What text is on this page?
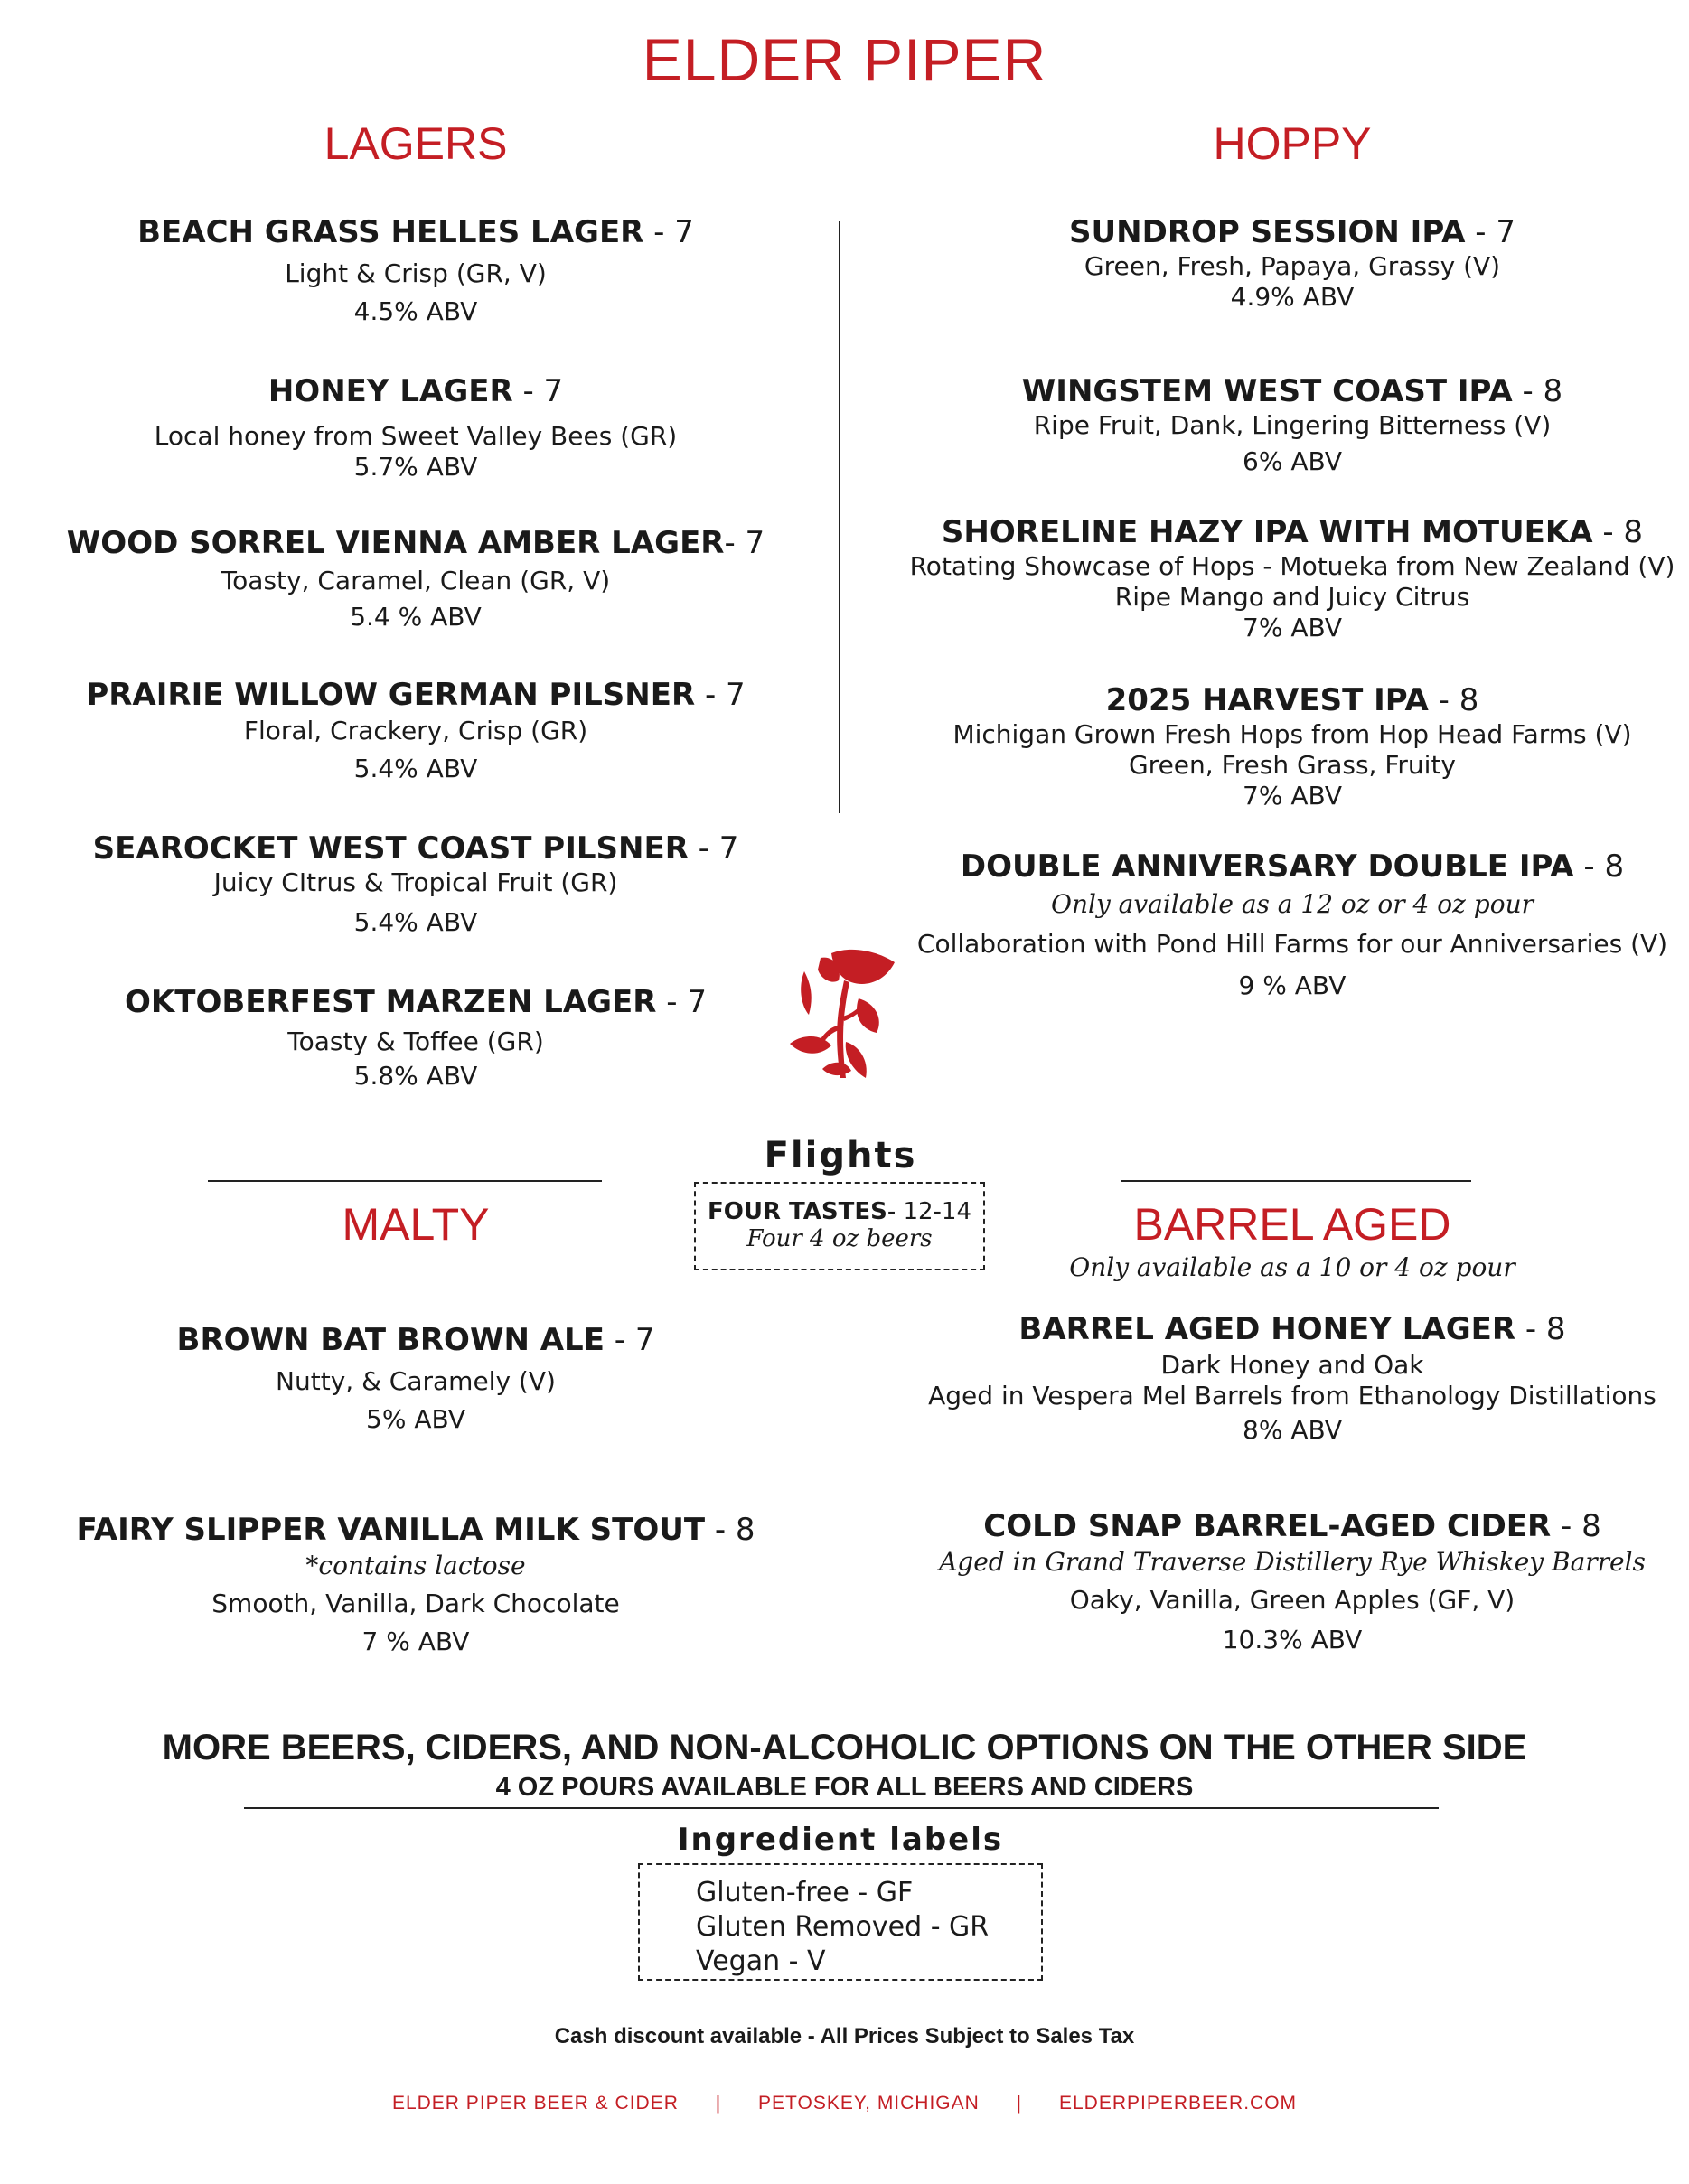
ELDER PIPER
LAGERS	HOPPY
BEACH GRASS HELLES LAGER - 7
Light & Crisp (GR, V)
4.5% ABV
HONEY LAGER - 7
Local honey from Sweet Valley Bees (GR)
5.7% ABV
WOOD SORREL VIENNA AMBER LAGER- 7
Toasty, Caramel, Clean (GR, V)
5.4 % ABV
PRAIRIE WILLOW GERMAN PILSNER - 7
Floral, Crackery, Crisp (GR)
5.4% ABV
SEAROCKET WEST COAST PILSNER - 7
Juicy CItrus & Tropical Fruit (GR)
5.4% ABV
OKTOBERFEST MARZEN LAGER - 7
Toasty & Toffee (GR)
5.8% ABV
SUNDROP SESSION IPA - 7
Green, Fresh, Papaya, Grassy (V)
4.9% ABV
WINGSTEM WEST COAST IPA - 8
Ripe Fruit, Dank, Lingering Bitterness (V)
6% ABV
SHORELINE HAZY IPA WITH MOTUEKA - 8
Rotating Showcase of Hops - Motueka from New Zealand (V)
Ripe Mango and Juicy Citrus
7% ABV
2025 HARVEST IPA - 8
Michigan Grown Fresh Hops from Hop Head Farms (V)
Green, Fresh Grass, Fruity
7% ABV
DOUBLE ANNIVERSARY DOUBLE IPA - 8
Only available as a 12 oz or 4 oz pour
Collaboration with Pond Hill Farms for our Anniversaries (V)
9 % ABV
Flights
FOUR TASTES- 12-14
Four 4 oz beers
MALTY	BARREL AGED
Only available as a 10 or 4 oz pour
BROWN BAT BROWN ALE - 7
Nutty, & Caramely (V)
5% ABV
FAIRY SLIPPER VANILLA MILK STOUT - 8
*contains lactose
Smooth, Vanilla, Dark Chocolate
7 % ABV
BARREL AGED HONEY LAGER - 8
Dark Honey and Oak
Aged in Vespera Mel Barrels from Ethanology Distillations
8% ABV
COLD SNAP BARREL-AGED CIDER - 8
Aged in Grand Traverse Distillery Rye Whiskey Barrels
Oaky, Vanilla, Green Apples (GF, V)
10.3% ABV
MORE BEERS, CIDERS, AND NON-ALCOHOLIC OPTIONS ON THE OTHER SIDE
4 OZ POURS AVAILABLE FOR ALL BEERS AND CIDERS
Ingredient labels
Gluten-free - GF
Gluten Removed - GR
Vegan - V
Cash discount available - All Prices Subject to Sales Tax
ELDER PIPER BEER & CIDER | PETOSKEY, MICHIGAN | ELDERPIPERBEER.COM
